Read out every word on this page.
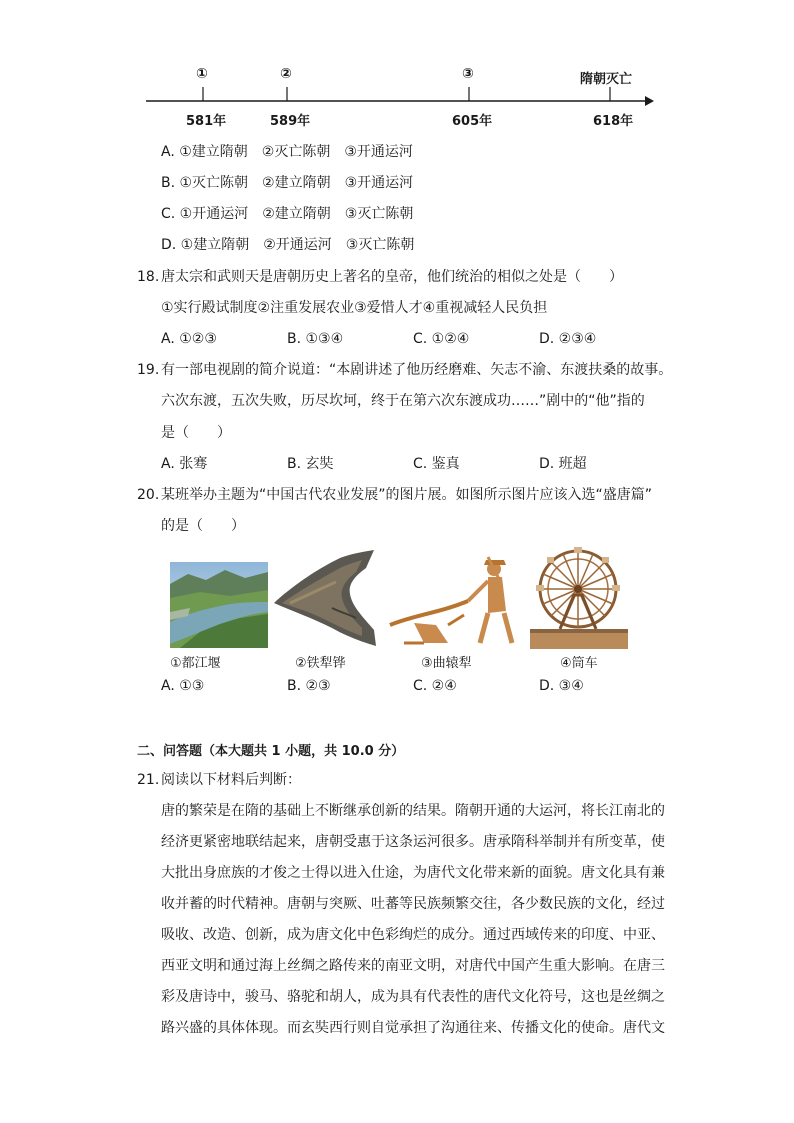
①	②	③	隋朝灭亡
581年	589年	605年	618年
A. ①建立隋朝　②灭亡陈朝　③开通运河
B. ①灭亡陈朝　②建立隋朝　③开通运河
C. ①开通运河　②建立隋朝　③灭亡陈朝
D. ①建立隋朝　②开通运河　③灭亡陈朝
18. 唐太宗和武则天是唐朝历史上著名的皇帝，他们统治的相似之处是（　　）
①实行殿试制度②注重发展农业③爱惜人才④重视减轻人民负担
A. ①②③	B. ①③④	C. ①②④	D. ②③④
19. 有一部电视剧的简介说道：“本剧讲述了他历经磨难、矢志不渝、东渡扶桑的故事。
六次东渡，五次失败，历尽坎坷，终于在第六次东渡成功……”剧中的“他”指的
是（　　）
A. 张骞	B. 玄奘	C. 鉴真	D. 班超
20. 某班举办主题为“中国古代农业发展”的图片展。如图所示图片应该入选“盛唐篇”
的是（　　）
①都江堰	②铁犁铧	③曲辕犁	④筒车
A. ①③	B. ②③	C. ②④	D. ③④
二、问答题（本大题共 1 小题，共 10.0 分）
21. 阅读以下材料后判断：
唐的繁荣是在隋的基础上不断继承创新的结果。隋朝开通的大运河，将长江南北的
经济更紧密地联结起来，唐朝受惠于这条运河很多。唐承隋科举制并有所变革，使
大批出身庶族的才俊之士得以进入仕途，为唐代文化带来新的面貌。唐文化具有兼
收并蓄的时代精神。唐朝与突厥、吐蕃等民族频繁交往，各少数民族的文化，经过
吸收、改造、创新，成为唐文化中色彩绚烂的成分。通过西域传来的印度、中亚、
西亚文明和通过海上丝绸之路传来的南亚文明，对唐代中国产生重大影响。在唐三
彩及唐诗中，骏马、骆驼和胡人，成为具有代表性的唐代文化符号，这也是丝绸之
路兴盛的具体体现。而玄奘西行则自觉承担了沟通往来、传播文化的使命。唐代文
